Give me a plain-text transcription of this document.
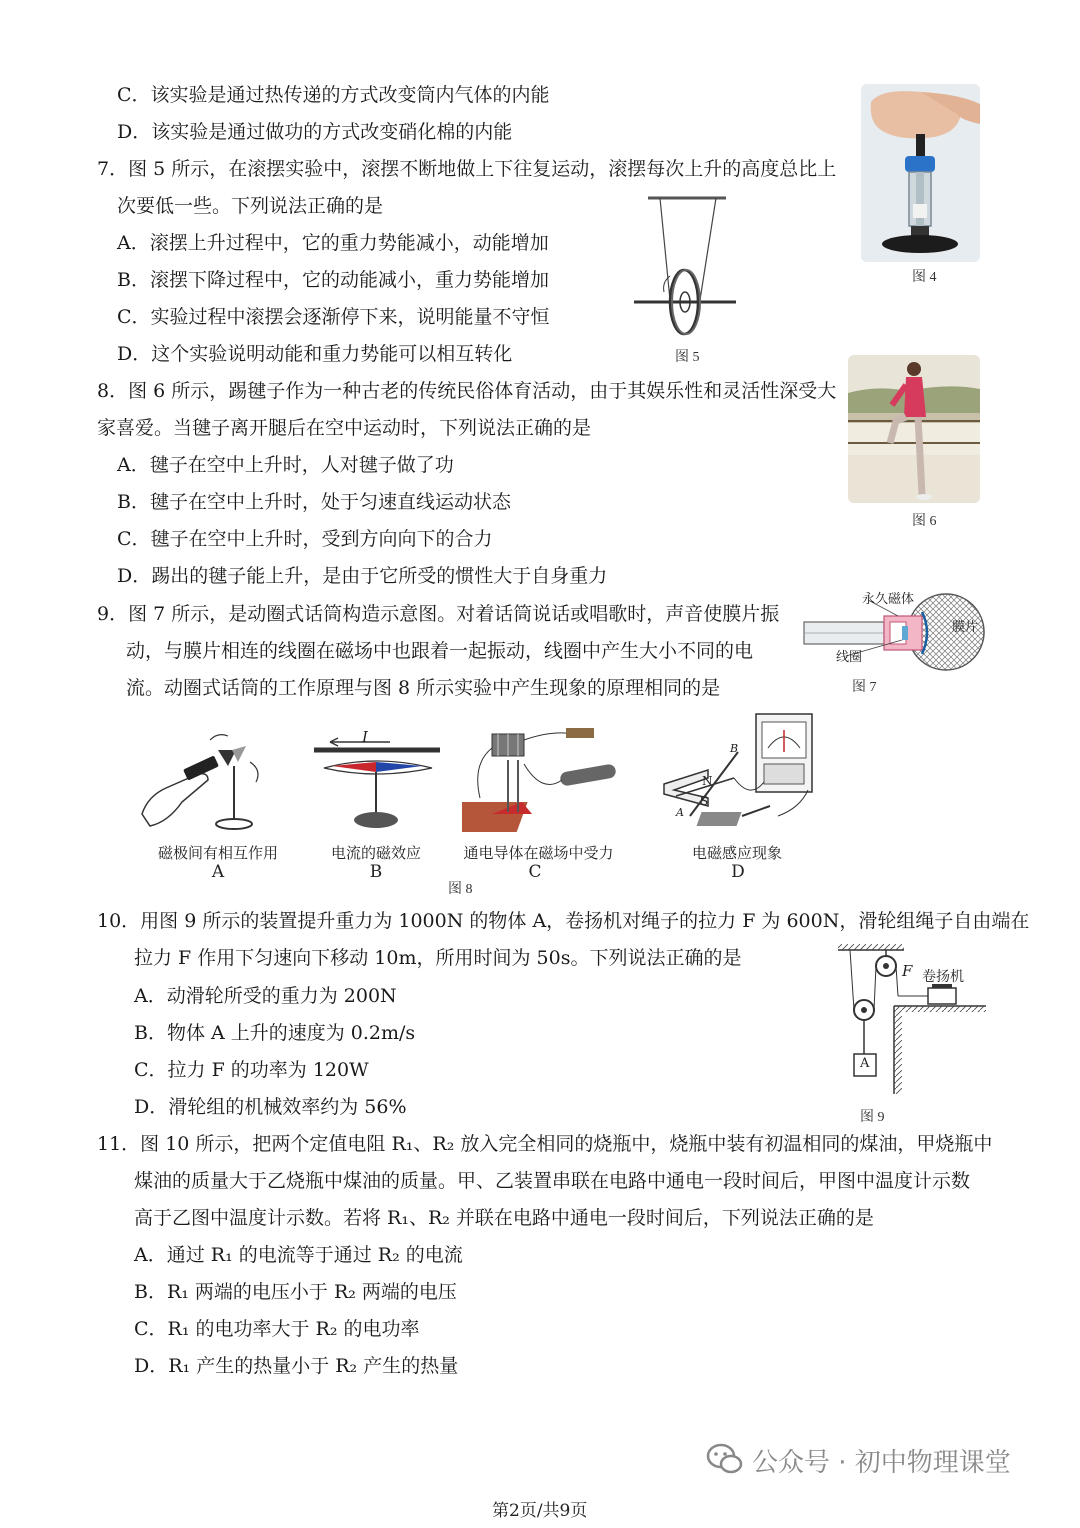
C．该实验是通过热传递的方式改变筒内气体的内能
D．该实验是通过做功的方式改变硝化棉的内能
7．图 5 所示，在滚摆实验中，滚摆不断地做上下往复运动，滚摆每次上升的高度总比上
次要低一些。下列说法正确的是
A．滚摆上升过程中，它的重力势能减小，动能增加
B．滚摆下降过程中，它的动能减小，重力势能增加
C．实验过程中滚摆会逐渐停下来，说明能量不守恒
D．这个实验说明动能和重力势能可以相互转化
8．图 6 所示，踢毽子作为一种古老的传统民俗体育活动，由于其娱乐性和灵活性深受大
家喜爱。当毽子离开腿后在空中运动时，下列说法正确的是
A．毽子在空中上升时，人对毽子做了功
B．毽子在空中上升时，处于匀速直线运动状态
C．毽子在空中上升时，受到方向向下的合力
D．踢出的毽子能上升，是由于它所受的惯性大于自身重力
9．图 7 所示，是动圈式话筒构造示意图。对着话筒说话或唱歌时，声音使膜片振
动，与膜片相连的线圈在磁场中也跟着一起振动，线圈中产生大小不同的电
流。动圈式话筒的工作原理与图 8 所示实验中产生现象的原理相同的是
10．用图 9 所示的装置提升重力为 1000N 的物体 A，卷扬机对绳子的拉力 F 为 600N，滑轮组绳子自由端在
拉力 F 作用下匀速向下移动 10m，所用时间为 50s。下列说法正确的是
A．动滑轮所受的重力为 200N
B．物体 A 上升的速度为 0.2m/s
C．拉力 F 的功率为 120W
D．滑轮组的机械效率约为 56%
11．图 10 所示，把两个定值电阻 R₁、R₂ 放入完全相同的烧瓶中，烧瓶中装有初温相同的煤油，甲烧瓶中
煤油的质量大于乙烧瓶中煤油的质量。甲、乙装置串联在电路中通电一段时间后，甲图中温度计示数
高于乙图中温度计示数。若将 R₁、R₂ 并联在电路中通电一段时间后，下列说法正确的是
A．通过 R₁ 的电流等于通过 R₂ 的电流
B．R₁ 两端的电压小于 R₂ 两端的电压
C．R₁ 的电功率大于 R₂ 的电功率
D．R₁ 产生的热量小于 R₂ 产生的热量
图 4
图 5
图 6
永久磁体
膜片
线圈
图 7
磁极间有相互作用
A
I
电流的磁效应
B
通电导体在磁场中受力
C
N
S
A
B
电磁感应现象
D
图 8
F 卷扬机
A
图 9
公众号 · 初中物理课堂
第2页/共9页
